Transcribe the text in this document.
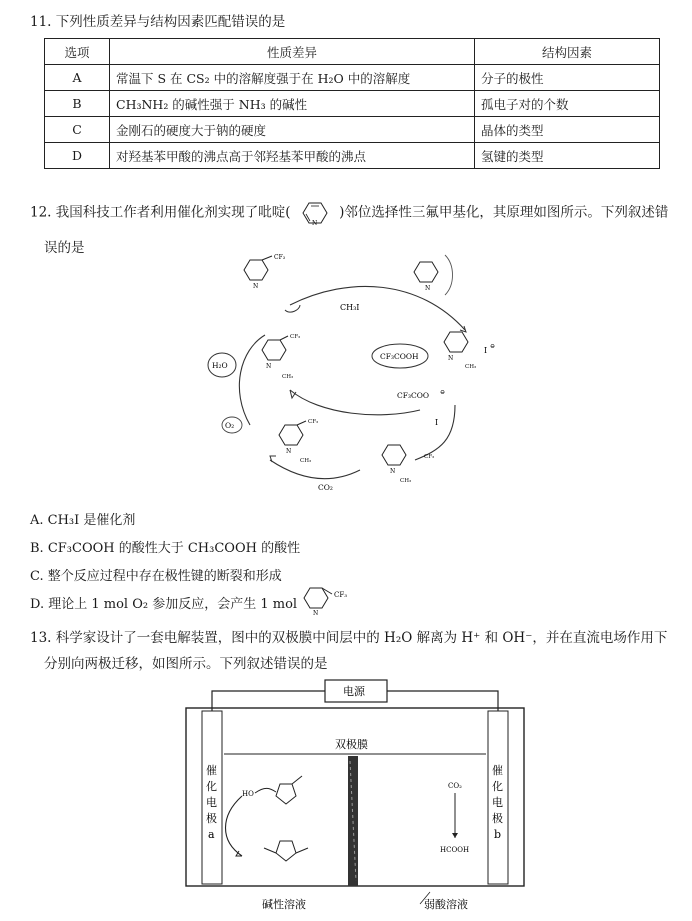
11. 下列性质差异与结构因素匹配错误的是
选项	性质差异	结构因素
A	常温下 S 在 CS₂ 中的溶解度强于在 H₂O 中的溶解度	分子的极性
B	CH₃NH₂ 的碱性强于 NH₃ 的碱性	孤电子对的个数
C	金刚石的硬度大于钠的硬度	晶体的类型
D	对羟基苯甲酸的沸点高于邻羟基苯甲酸的沸点	氢键的类型
12. 我国科技工作者利用催化剂实现了吡啶(
N
)邻位选择性三氟甲基化，其原理如图所示。下列叙述错
误的是
CF₃
N
CH₃I
N
CF₃COOH
CF₃COO ⊖
N
CH₃
I ⊖
I
CF₃
N
CH₃
H₂O
O₂	CF₃
N
CH₃
CO₂
N
CF₃
CH₃
A. CH₃I 是催化剂
B. CF₃COOH 的酸性大于 CH₃COOH 的酸性
C. 整个反应过程中存在极性键的断裂和形成
D. 理论上 1 mol O₂ 参加反应，会产生 1 mol
CF₃
N
13. 科学家设计了一套电解装置，图中的双极膜中间层中的 H₂O 解离为 H⁺ 和 OH⁻，并在直流电场作用下
分别向两极迁移，如图所示。下列叙述错误的是
电源
催
化
电
极
a
催
化
电
极
b
双极膜
HO
CO₂
HCOOH
碱性溶液	弱酸溶液
